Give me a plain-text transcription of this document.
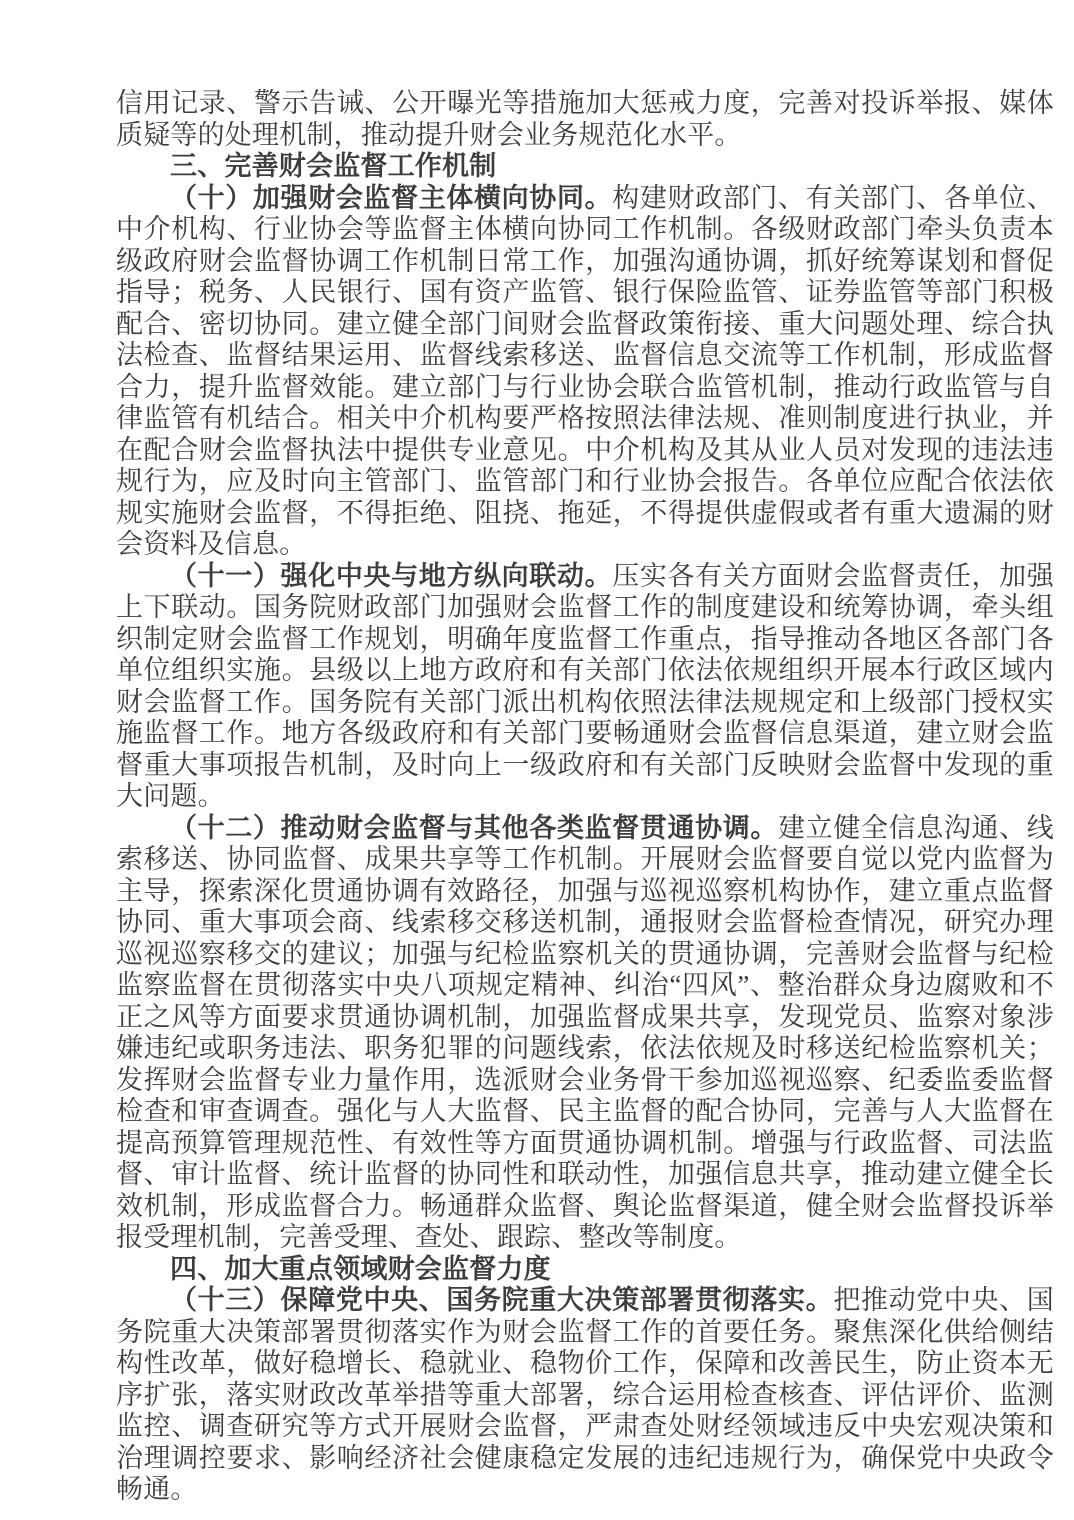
信用记录、警示告诫、公开曝光等措施加大惩戒力度，完善对投诉举报、媒体质疑等的处理机制，推动提升财会业务规范化水平。

三、完善财会监督工作机制

（十）加强财会监督主体横向协同。构建财政部门、有关部门、各单位、中介机构、行业协会等监督主体横向协同工作机制。各级财政部门牵头负责本级政府财会监督协调工作机制日常工作，加强沟通协调，抓好统筹谋划和督促指导；税务、人民银行、国有资产监管、银行保险监管、证券监管等部门积极配合、密切协同。建立健全部门间财会监督政策衔接、重大问题处理、综合执法检查、监督结果运用、监督线索移送、监督信息交流等工作机制，形成监督合力，提升监督效能。建立部门与行业协会联合监管机制，推动行政监管与自律监管有机结合。相关中介机构要严格按照法律法规、准则制度进行执业，并在配合财会监督执法中提供专业意见。中介机构及其从业人员对发现的违法违规行为，应及时向主管部门、监管部门和行业协会报告。各单位应配合依法依规实施财会监督，不得拒绝、阻挠、拖延，不得提供虚假或者有重大遗漏的财会资料及信息。

（十一）强化中央与地方纵向联动。压实各有关方面财会监督责任，加强上下联动。国务院财政部门加强财会监督工作的制度建设和统筹协调，牵头组织制定财会监督工作规划，明确年度监督工作重点，指导推动各地区各部门各单位组织实施。县级以上地方政府和有关部门依法依规组织开展本行政区域内财会监督工作。国务院有关部门派出机构依照法律法规规定和上级部门授权实施监督工作。地方各级政府和有关部门要畅通财会监督信息渠道，建立财会监督重大事项报告机制，及时向上一级政府和有关部门反映财会监督中发现的重大问题。

（十二）推动财会监督与其他各类监督贯通协调。建立健全信息沟通、线索移送、协同监督、成果共享等工作机制。开展财会监督要自觉以党内监督为主导，探索深化贯通协调有效路径，加强与巡视巡察机构协作，建立重点监督协同、重大事项会商、线索移交移送机制，通报财会监督检查情况，研究办理巡视巡察移交的建议；加强与纪检监察机关的贯通协调，完善财会监督与纪检监察监督在贯彻落实中央八项规定精神、纠治“四风”、整治群众身边腐败和不正之风等方面要求贯通协调机制，加强监督成果共享，发现党员、监察对象涉嫌违纪或职务违法、职务犯罪的问题线索，依法依规及时移送纪检监察机关；发挥财会监督专业力量作用，选派财会业务骨干参加巡视巡察、纪委监委监督检查和审查调查。强化与人大监督、民主监督的配合协同，完善与人大监督在提高预算管理规范性、有效性等方面贯通协调机制。增强与行政监督、司法监督、审计监督、统计监督的协同性和联动性，加强信息共享，推动建立健全长效机制，形成监督合力。畅通群众监督、舆论监督渠道，健全财会监督投诉举报受理机制，完善受理、查处、跟踪、整改等制度。

四、加大重点领域财会监督力度

（十三）保障党中央、国务院重大决策部署贯彻落实。把推动党中央、国务院重大决策部署贯彻落实作为财会监督工作的首要任务。聚焦深化供给侧结构性改革，做好稳增长、稳就业、稳物价工作，保障和改善民生，防止资本无序扩张，落实财政改革举措等重大部署，综合运用检查核查、评估评价、监测监控、调查研究等方式开展财会监督，严肃查处财经领域违反中央宏观决策和治理调控要求、影响经济社会健康稳定发展的违纪违规行为，确保党中央政令畅通。
